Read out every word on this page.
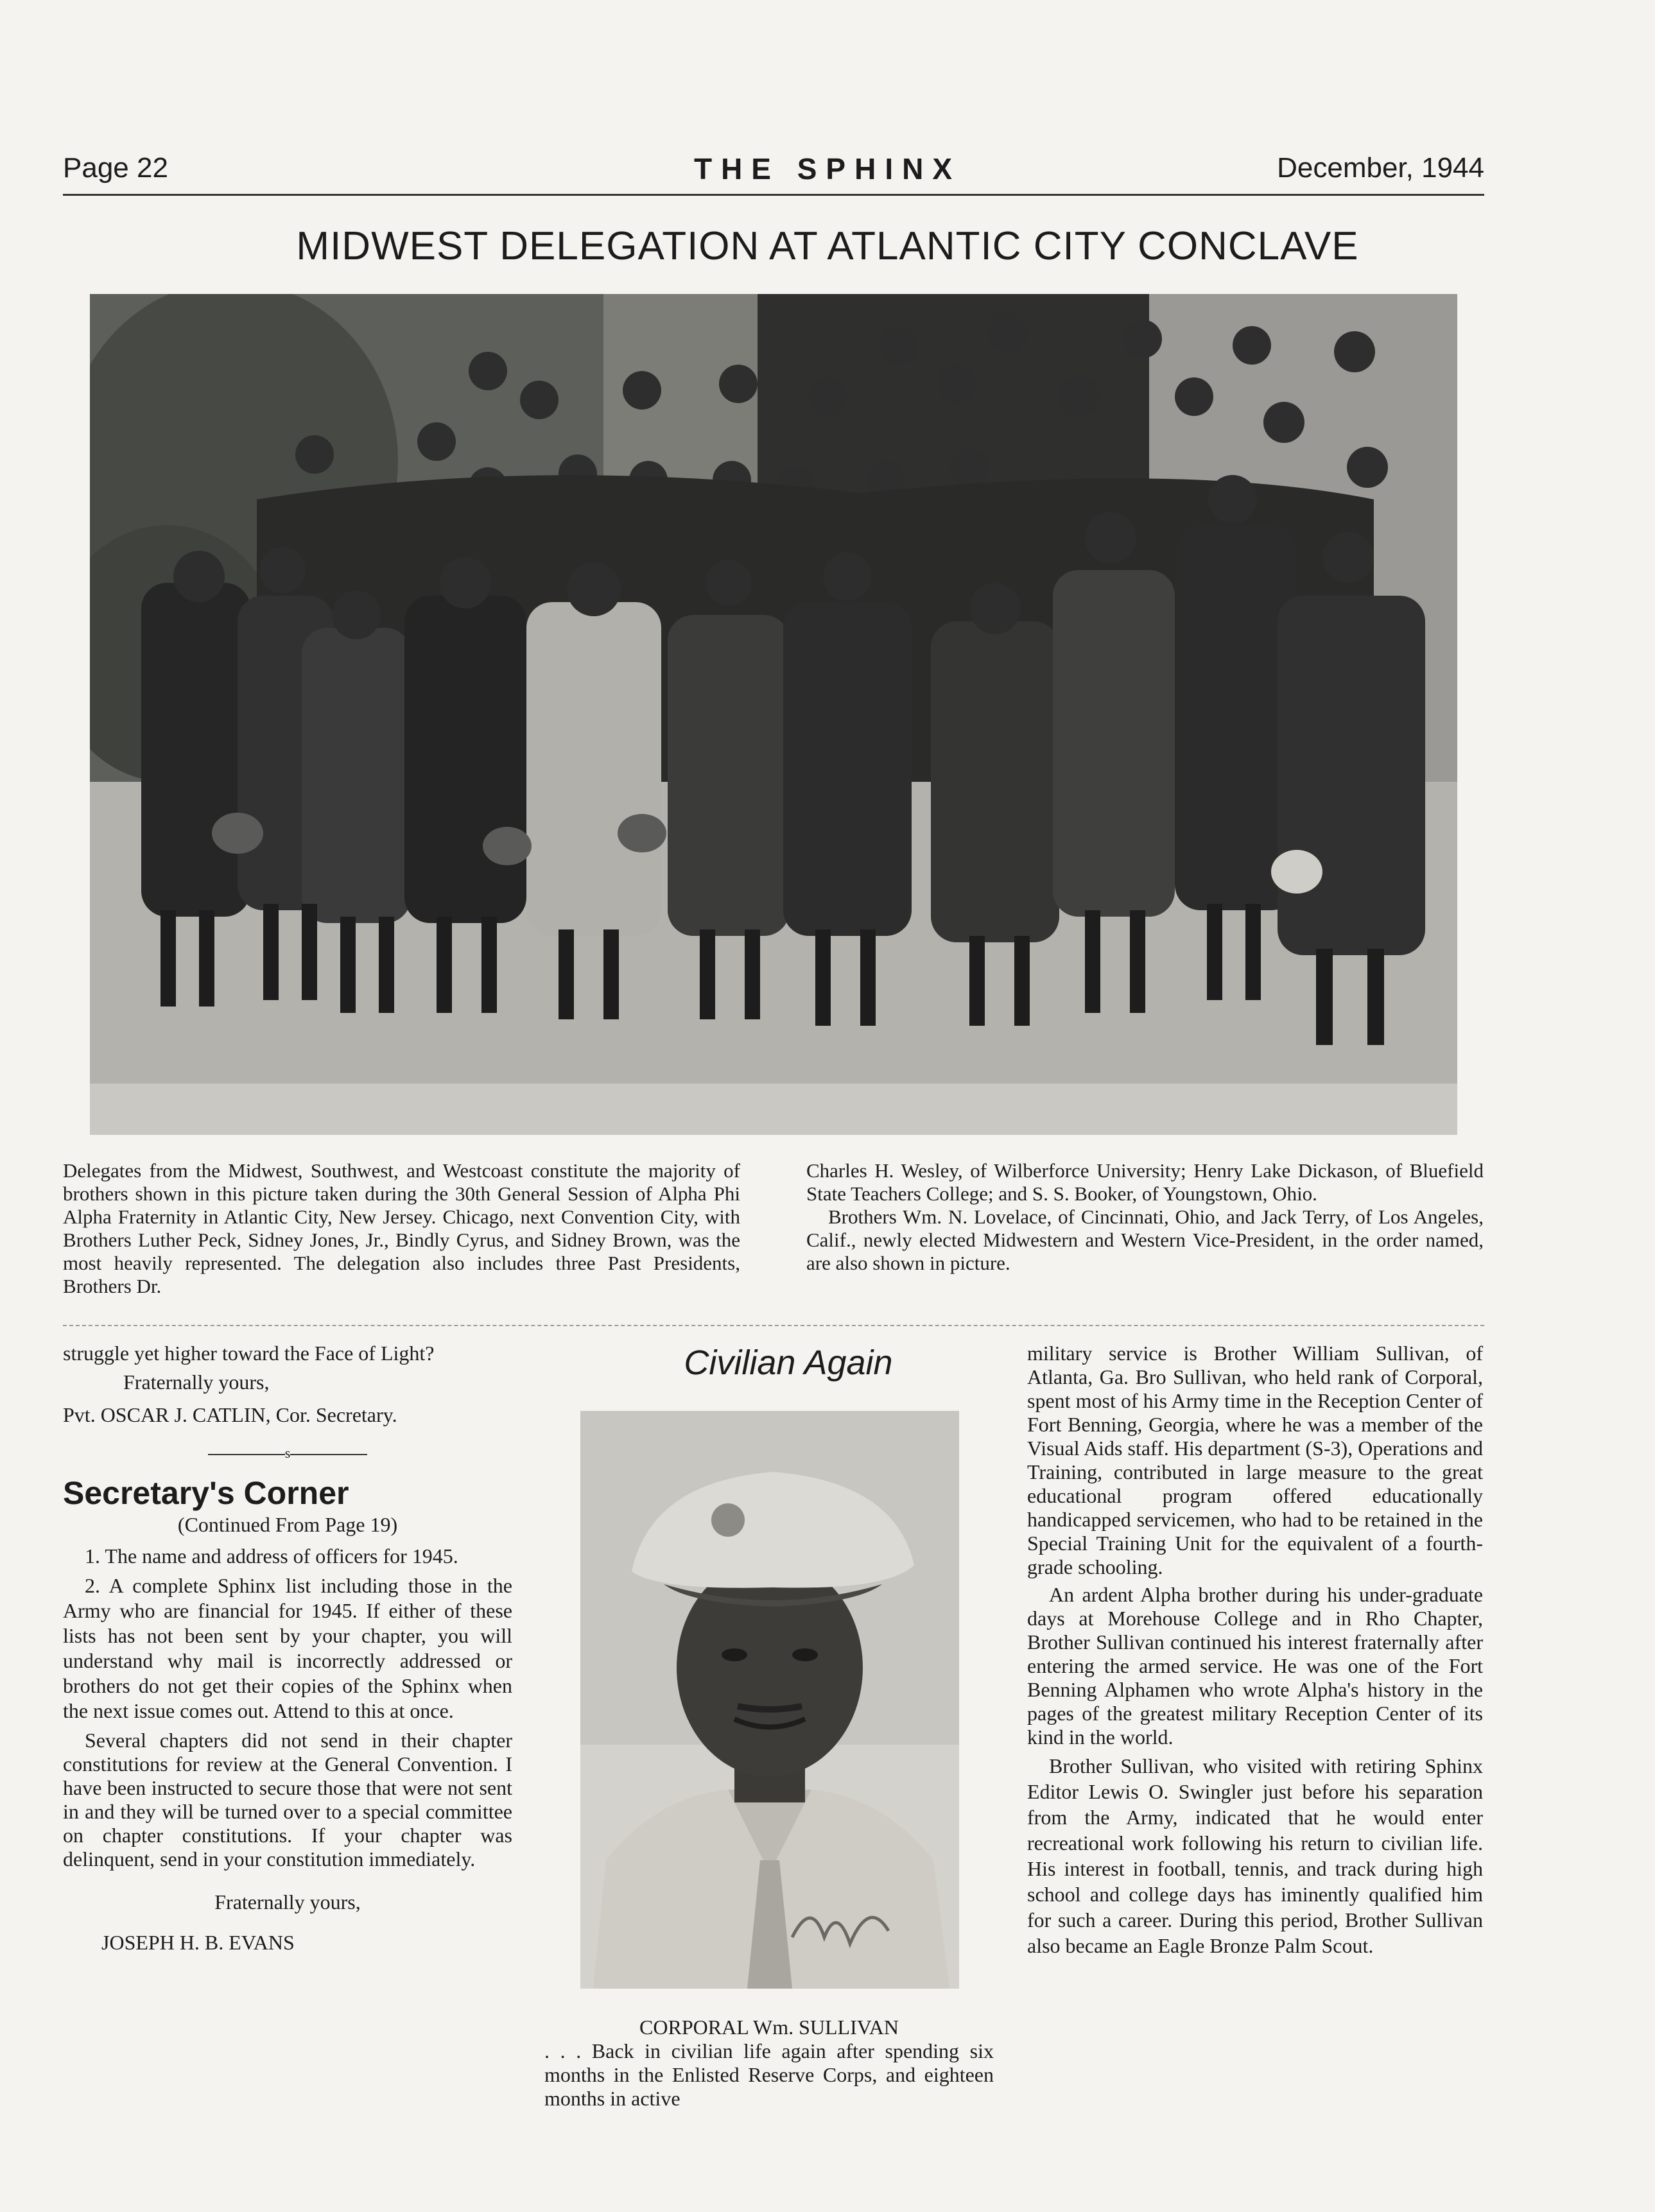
Page 22	THE SPHINX	December, 1944
MIDWEST DELEGATION AT ATLANTIC CITY CONCLAVE
Delegates from the Midwest, Southwest, and Westcoast constitute the majority of brothers shown in this picture taken during the 30th General Session of Alpha Phi Alpha Fraternity in Atlantic City, New Jersey. Chicago, next Convention City, with Brothers Luther Peck, Sidney Jones, Jr., Bindly Cyrus, and Sidney Brown, was the most heavily represented. The delegation also includes three Past Presidents, Brothers Dr.
Charles H. Wesley, of Wilberforce University; Henry Lake Dickason, of Bluefield State Teachers College; and S. S. Booker, of Youngstown, Ohio.
Brothers Wm. N. Lovelace, of Cincinnati, Ohio, and Jack Terry, of Los Angeles, Calif., newly elected Midwestern and Western Vice-President, in the order named, are also shown in picture.

struggle yet higher toward the Face of Light?

Fraternally yours,

Pvt. OSCAR J. CATLIN, Cor. Secretary.

s
Secretary's Corner

(Continued From Page 19)

1. The name and address of officers for 1945.

2. A complete Sphinx list including those in the Army who are financial for 1945. If either of these lists has not been sent by your chapter, you will understand why mail is incorrectly addressed or brothers do not get their copies of the Sphinx when the next issue comes out. Attend to this at once.

Several chapters did not send in their chapter constitutions for review at the General Convention. I have been instructed to secure those that were not sent in and they will be turned over to a special committee on chapter constitutions. If your chapter was delinquent, send in your constitution immediately.

Fraternally yours,

JOSEPH H. B. EVANS

Civilian Again

CORPORAL Wm. SULLIVAN

. . . Back in civilian life again after spending six months in the Enlisted Reserve Corps, and eighteen months in active

military service is Brother William Sullivan, of Atlanta, Ga. Bro Sullivan, who held rank of Corporal, spent most of his Army time in the Reception Center of Fort Benning, Georgia, where he was a member of the Visual Aids staff. His department (S-3), Operations and Training, contributed in large measure to the great educational program offered educationally handicapped servicemen, who had to be retained in the Special Training Unit for the equivalent of a fourth-grade schooling.

An ardent Alpha brother during his under-graduate days at Morehouse College and in Rho Chapter, Brother Sullivan continued his interest fraternally after entering the armed service. He was one of the Fort Benning Alphamen who wrote Alpha's history in the pages of the greatest military Reception Center of its kind in the world.

Brother Sullivan, who visited with retiring Sphinx Editor Lewis O. Swingler just before his separation from the Army, indicated that he would enter recreational work following his return to civilian life. His interest in football, tennis, and track during high school and college days has iminently qualified him for such a career. During this period, Brother Sullivan also became an Eagle Bronze Palm Scout.
